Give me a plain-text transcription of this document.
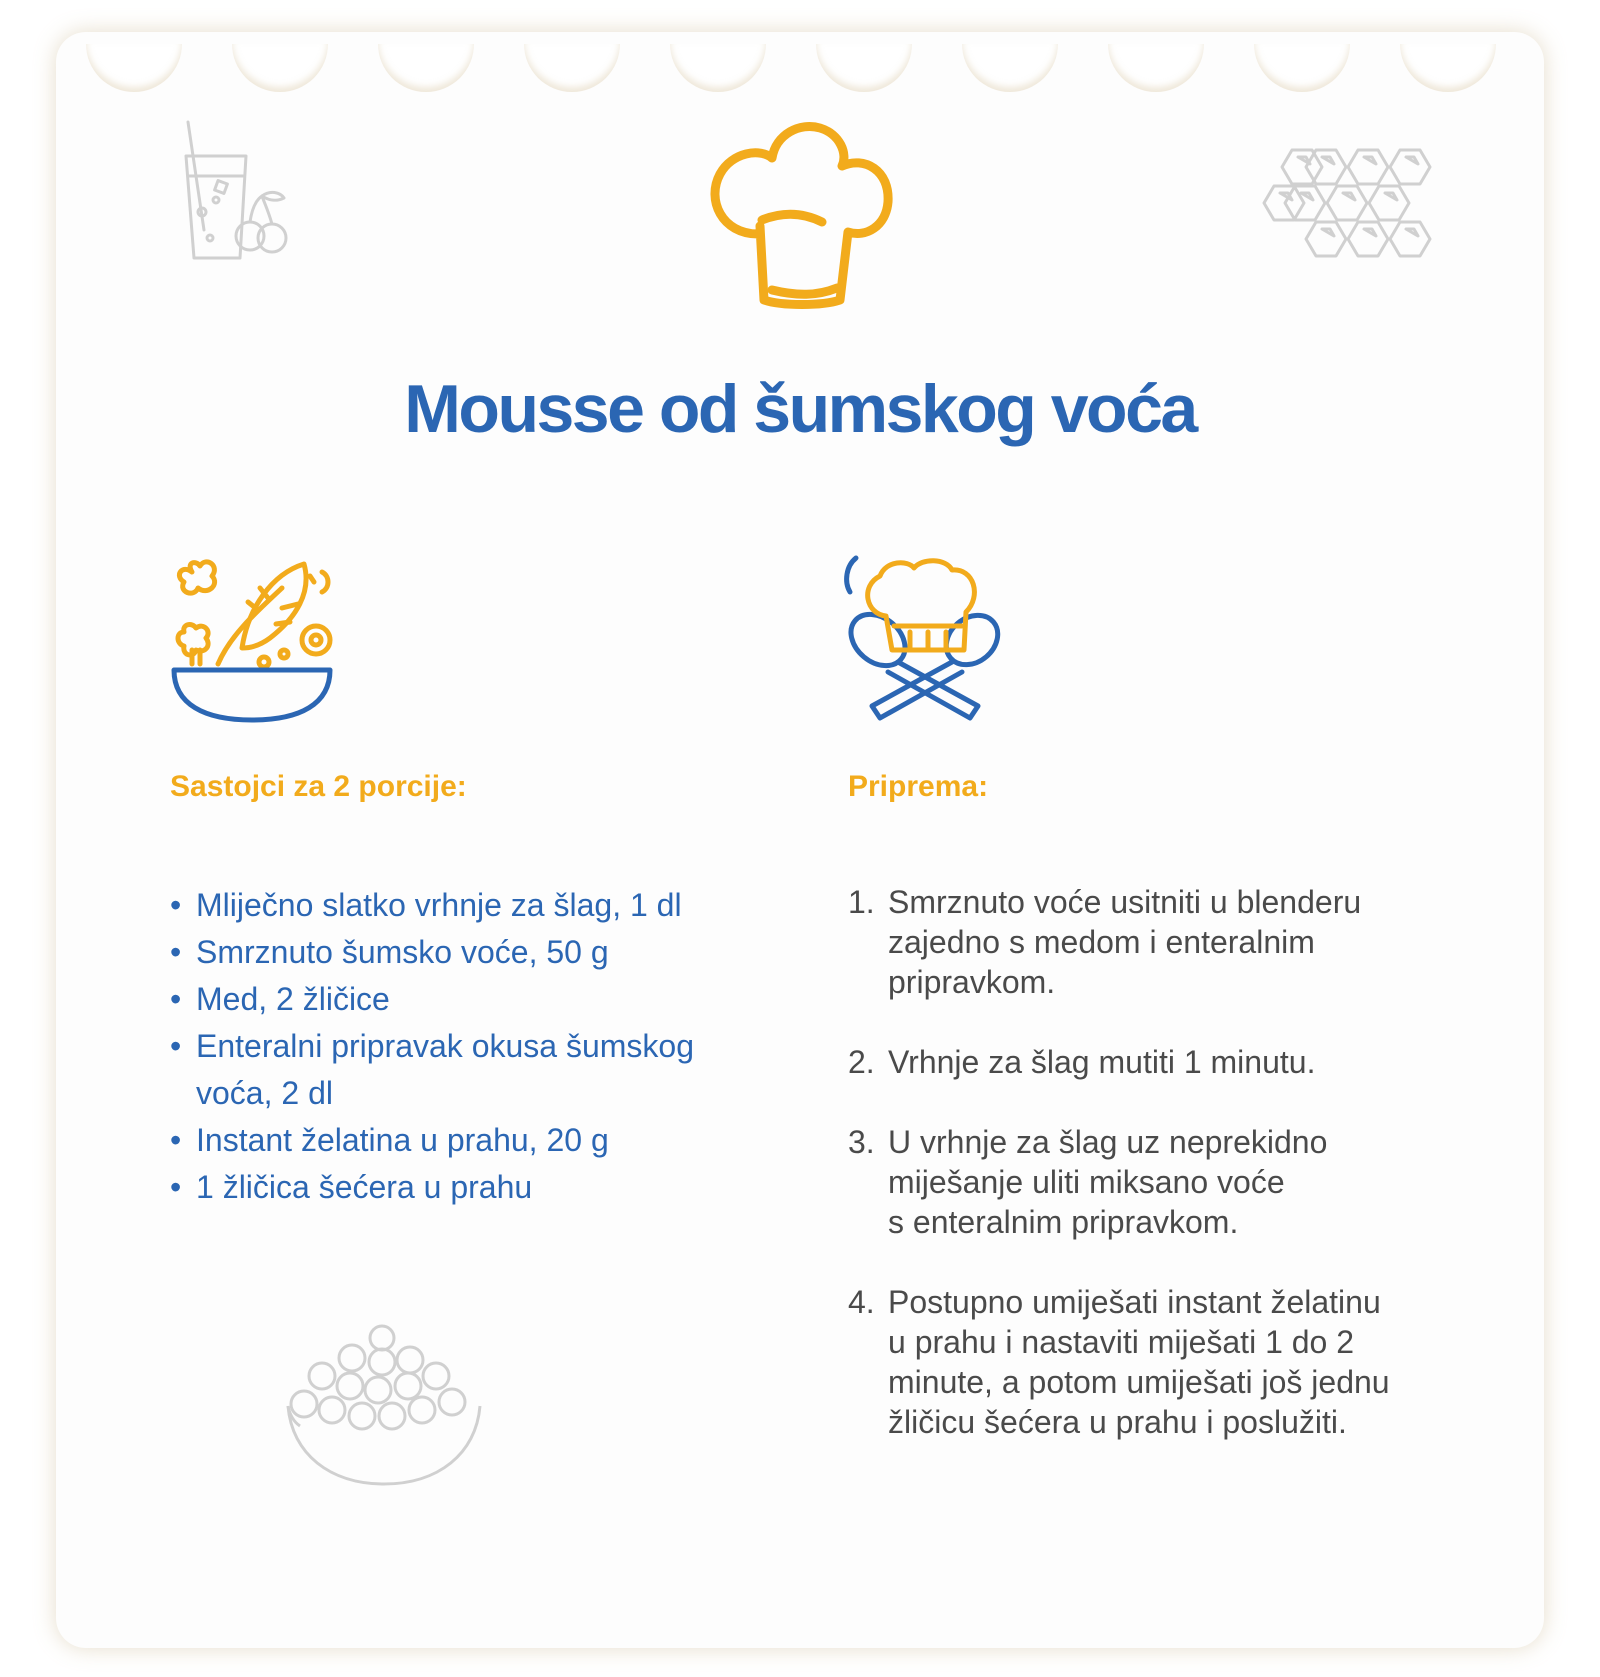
Mousse od šumskog voća
Sastojci za 2 porcije:
• Mliječno slatko vrhnje za šlag, 1 dl
• Smrznuto šumsko voće, 50 g
• Med, 2 žličice
• Enteralni pripravak okusa šumskog voća, 2 dl
• Instant želatina u prahu, 20 g
• 1 žličica šećera u prahu
Priprema:
1. Smrznuto voće usitniti u blenderu
zajedno s medom i enteralnim
pripravkom.
2. Vrhnje za šlag mutiti 1 minutu.
3. U vrhnje za šlag uz neprekidno
miješanje uliti miksano voće
s enteralnim pripravkom.
4. Postupno umiješati instant želatinu
u prahu i nastaviti miješati 1 do 2
minute, a potom umiješati još jednu
žličicu šećera u prahu i poslužiti.
